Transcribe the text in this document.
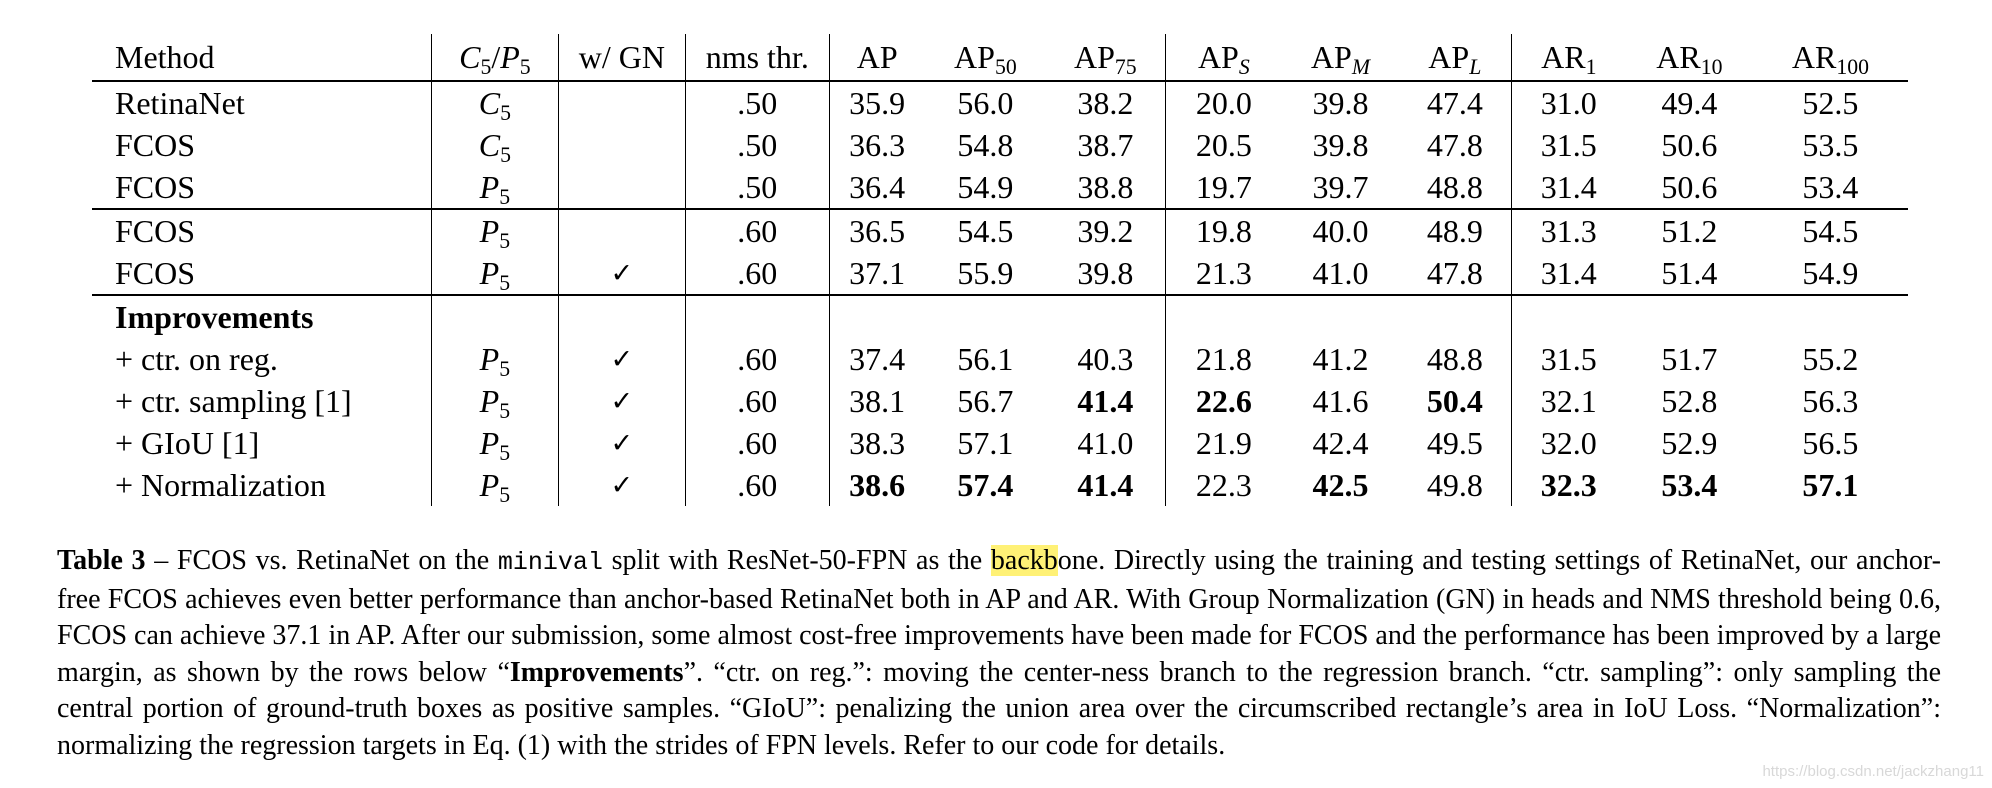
Method	$C_5/P_5$	w/ GN	nms thr.	AP	$AP_{50}$	$AP_{75}$	$AP_S$	$AP_M$	$AP_L$	$AR_1$	$AR_{10}$	$AR_{100}$
RetinaNet	$C_5$		.50	35.9	56.0	38.2	20.0	39.8	47.4	31.0	49.4	52.5
FCOS	$C_5$		.50	36.3	54.8	38.7	20.5	39.8	47.8	31.5	50.6	53.5
FCOS	$P_5$		.50	36.4	54.9	38.8	19.7	39.7	48.8	31.4	50.6	53.4
FCOS	$P_5$		.60	36.5	54.5	39.2	19.8	40.0	48.9	31.3	51.2	54.5
FCOS	$P_5$	✓	.60	37.1	55.9	39.8	21.3	41.0	47.8	31.4	51.4	54.9
Improvements												
+ ctr. on reg.	$P_5$	✓	.60	37.4	56.1	40.3	21.8	41.2	48.8	31.5	51.7	55.2
+ ctr. sampling [1]	$P_5$	✓	.60	38.1	56.7	41.4	22.6	41.6	50.4	32.1	52.8	56.3
+ GIoU [1]	$P_5$	✓	.60	38.3	57.1	41.0	21.9	42.4	49.5	32.0	52.9	56.5
+ Normalization	$P_5$	✓	.60	38.6	57.4	41.4	22.3	42.5	49.8	32.3	53.4	57.1

Table 3 – FCOS vs. RetinaNet on the minival split with ResNet-50-FPN as the backbone. Directly using the training and testing settings of RetinaNet, our anchor-free FCOS achieves even better performance than anchor-based RetinaNet both in AP and AR. With Group Normalization (GN) in heads and NMS threshold being 0.6, FCOS can achieve 37.1 in AP. After our submission, some almost cost-free improvements have been made for FCOS and the performance has been improved by a large margin, as shown by the rows below “Improvements”. “ctr. on reg.”: moving the center-ness branch to the regression branch. “ctr. sampling”: only sampling the central portion of ground-truth boxes as positive samples. “GIoU”: penalizing the union area over the circumscribed rectangle’s area in IoU Loss. “Normalization”: normalizing the regression targets in Eq. (1) with the strides of FPN levels. Refer to our code for details.

https://blog.csdn.net/jackzhang11
